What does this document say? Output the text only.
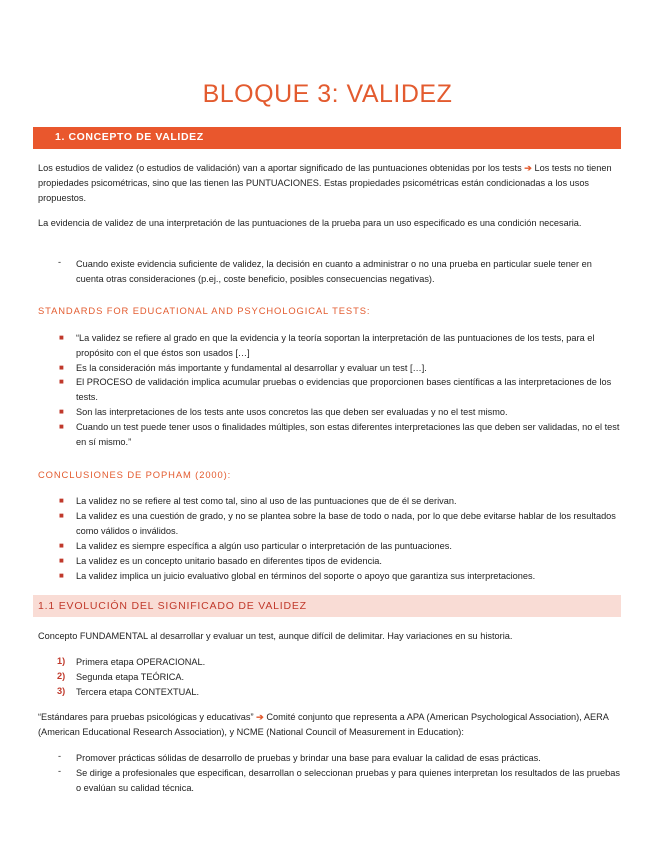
BLOQUE 3: VALIDEZ
1. CONCEPTO DE VALIDEZ
Los estudios de validez (o estudios de validación) van a aportar significado de las puntuaciones obtenidas por los tests ➔ Los tests no tienen propiedades psicométricas, sino que las tienen las PUNTUACIONES. Estas propiedades psicométricas están condicionadas a los usos propuestos.
La evidencia de validez de una interpretación de las puntuaciones de la prueba para un uso especificado es una condición necesaria.
- Cuando existe evidencia suficiente de validez, la decisión en cuanto a administrar o no una prueba en particular suele tener en cuenta otras consideraciones (p.ej., coste beneficio, posibles consecuencias negativas).
STANDARDS FOR EDUCATIONAL AND PSYCHOLOGICAL TESTS:
■ “La validez se refiere al grado en que la evidencia y la teoría soportan la interpretación de las puntuaciones de los tests, para el propósito con el que éstos son usados […]
■ Es la consideración más importante y fundamental al desarrollar y evaluar un test […].
■ El PROCESO de validación implica acumular pruebas o evidencias que proporcionen bases científicas a las interpretaciones de los tests.
■ Son las interpretaciones de los tests ante usos concretos las que deben ser evaluadas y no el test mismo.
■ Cuando un test puede tener usos o finalidades múltiples, son estas diferentes interpretaciones las que deben ser validadas, no el test en sí mismo.”
CONCLUSIONES DE POPHAM (2000):
■ La validez no se refiere al test como tal, sino al uso de las puntuaciones que de él se derivan.
■ La validez es una cuestión de grado, y no se plantea sobre la base de todo o nada, por lo que debe evitarse hablar de los resultados como válidos o inválidos.
■ La validez es siempre específica a algún uso particular o interpretación de las puntuaciones.
■ La validez es un concepto unitario basado en diferentes tipos de evidencia.
■ La validez implica un juicio evaluativo global en términos del soporte o apoyo que garantiza sus interpretaciones.
1.1 EVOLUCIÓN DEL SIGNIFICADO DE VALIDEZ
Concepto FUNDAMENTAL al desarrollar y evaluar un test, aunque difícil de delimitar. Hay variaciones en su historia.
1) Primera etapa OPERACIONAL.
2) Segunda etapa TEÓRICA.
3) Tercera etapa CONTEXTUAL.
“Estándares para pruebas psicológicas y educativas” ➔ Comité conjunto que representa a APA (American Psychological Association), AERA (American Educational Research Association), y NCME (National Council of Measurement in Education):
- Promover prácticas sólidas de desarrollo de pruebas y brindar una base para evaluar la calidad de esas prácticas.
- Se dirige a profesionales que especifican, desarrollan o seleccionan pruebas y para quienes interpretan los resultados de las pruebas o evalúan su calidad técnica.
